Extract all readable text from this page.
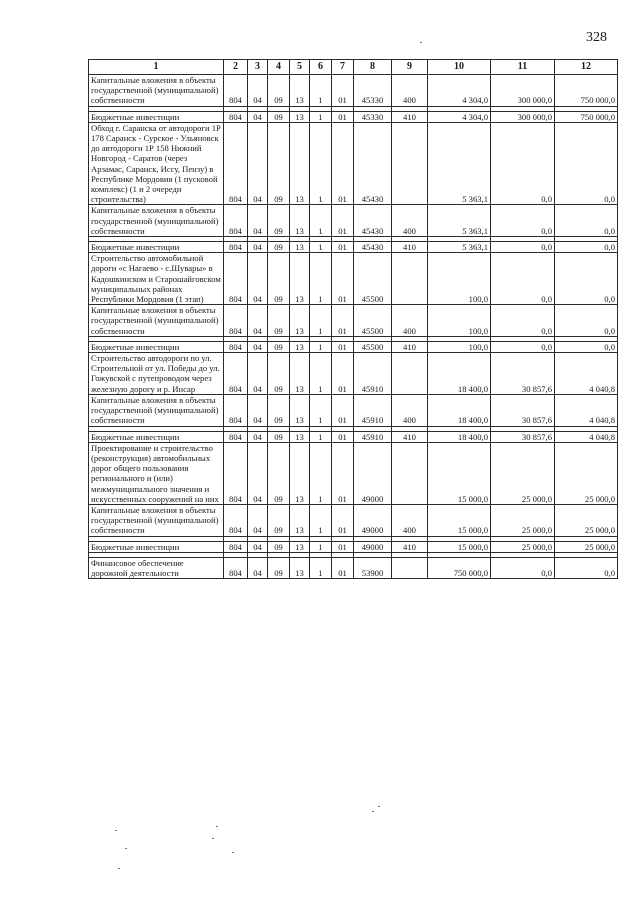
328
1	2	3	4	5	6	7	8	9	10	11	12
Капитальные вложения в объекты государственной (муниципальной) собственности	804	04	09	13	1	01	45330	400	4 304,0	300 000,0	750 000,0

Бюджетные инвестиции	804	04	09	13	1	01	45330	410	4 304,0	300 000,0	750 000,0
Обход г. Саранска от автодороги 1Р 178 Саранск - Сурское - Ульяновск до автодороги 1Р 158 Нижний Новгород - Саратов (через Арзамас, Саранск, Иссу, Пензу) в Республике Мордовия (1 пусковой комплекс) (1 и 2 очереди строительства)	804	04	09	13	1	01	45430		5 363,1	0,0	0,0
Капитальные вложения в объекты государственной (муниципальной) собственности	804	04	09	13	1	01	45430	400	5 363,1	0,0	0,0

Бюджетные инвестиции	804	04	09	13	1	01	45430	410	5 363,1	0,0	0,0
Строительство автомобильной дороги «с Нагаево - с.Шувары» в Кадошкинском и Старошайговском муниципальных районах Республики Мордовия (1 этап)	804	04	09	13	1	01	45500		100,0	0,0	0,0
Капитальные вложения в объекты государственной (муниципальной) собственности	804	04	09	13	1	01	45500	400	100,0	0,0	0,0

Бюджетные инвестиции	804	04	09	13	1	01	45500	410	100,0	0,0	0,0
Строительство автодороги по ул. Строительной от ул. Победы до ул. Гожувской с путепроводом через железную дорогу и р. Инсар	804	04	09	13	1	01	45910		18 400,0	30 857,6	4 040,8
Капитальные вложения в объекты государственной (муниципальной) собственности	804	04	09	13	1	01	45910	400	18 400,0	30 857,6	4 040,8

Бюджетные инвестиции	804	04	09	13	1	01	45910	410	18 400,0	30 857,6	4 040,8
Проектирование и строительство (реконструкция) автомобильных дорог общего пользования региональнoго и (или) межмуниципального значения и искусственных сооружений на них	804	04	09	13	1	01	49000		15 000,0	25 000,0	25 000,0
Капитальные вложения в объекты государственной (муниципальной) собственности	804	04	09	13	1	01	49000	400	15 000,0	25 000,0	25 000,0

Бюджетные инвестиции	804	04	09	13	1	01	49000	410	15 000,0	25 000,0	25 000,0

Финансовое обеспечение дорожной деятельности	804	04	09	13	1	01	53900		750 000,0	0,0	0,0
